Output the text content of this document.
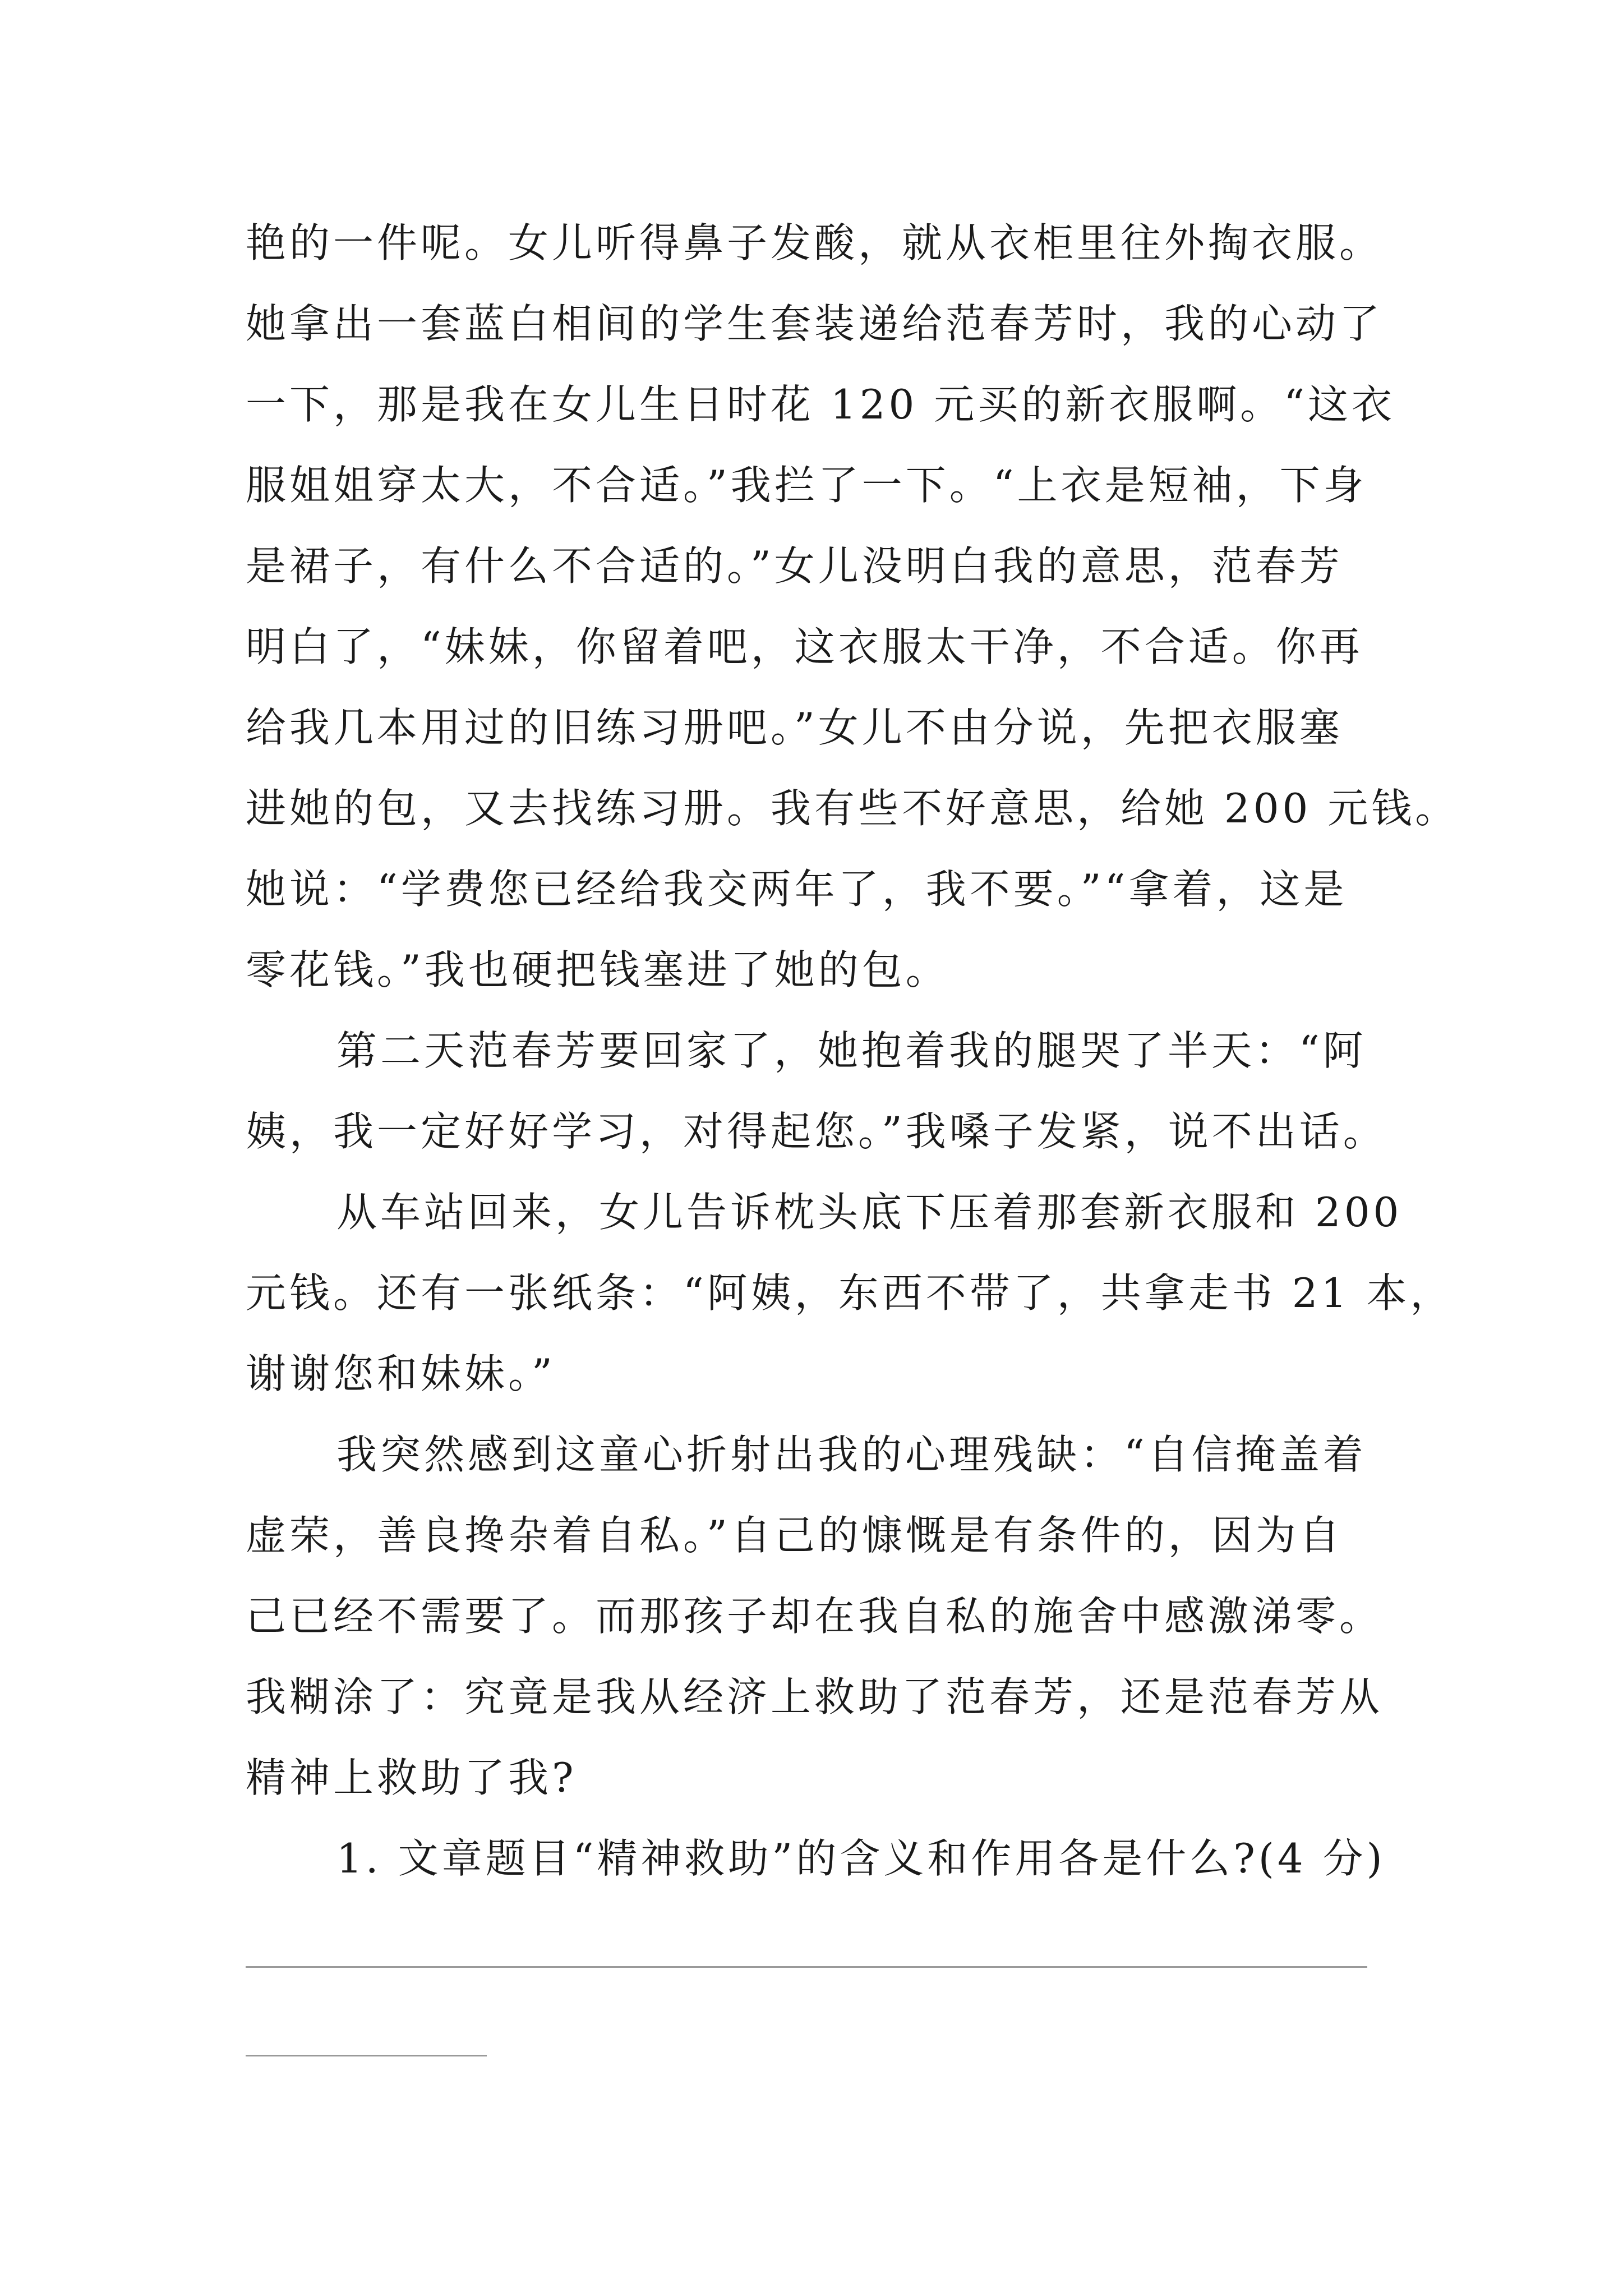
艳的一件呢。女儿听得鼻子发酸，就从衣柜里往外掏衣服。
她拿出一套蓝白相间的学生套装递给范春芳时，我的心动了
一下，那是我在女儿生日时花 120 元买的新衣服啊。“这衣
服姐姐穿太大，不合适。”我拦了一下。“上衣是短袖，下身
是裙子，有什么不合适的。”女儿没明白我的意思，范春芳
明白了，“妹妹，你留着吧，这衣服太干净，不合适。你再
给我几本用过的旧练习册吧。”女儿不由分说，先把衣服塞
进她的包，又去找练习册。我有些不好意思，给她 200 元钱。
她说：“学费您已经给我交两年了，我不要。”“拿着，这是
零花钱。”我也硬把钱塞进了她的包。
第二天范春芳要回家了，她抱着我的腿哭了半天：“阿
姨，我一定好好学习，对得起您。”我嗓子发紧，说不出话。
从车站回来，女儿告诉枕头底下压着那套新衣服和 200
元钱。还有一张纸条：“阿姨，东西不带了，共拿走书 21 本，
谢谢您和妹妹。”
我突然感到这童心折射出我的心理残缺：“自信掩盖着
虚荣，善良搀杂着自私。”自己的慷慨是有条件的，因为自
己已经不需要了。而那孩子却在我自私的施舍中感激涕零。
我糊涂了：究竟是我从经济上救助了范春芳，还是范春芳从
精神上救助了我?
1. 文章题目“精神救助”的含义和作用各是什么?(4 分)
